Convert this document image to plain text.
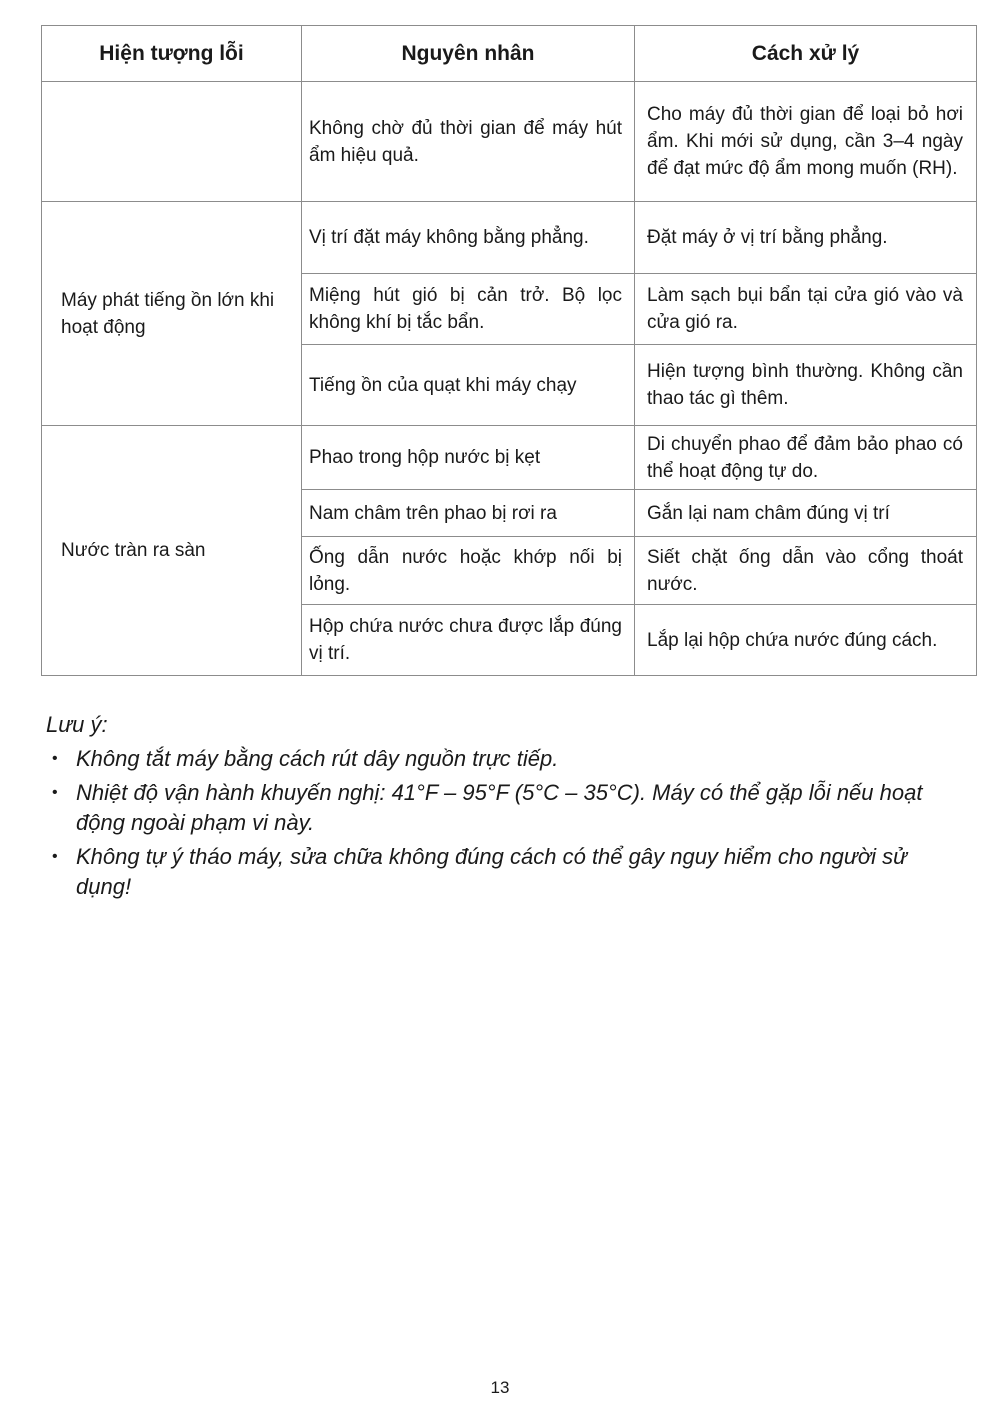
Hiện tượng lỗi	Nguyên nhân	Cách xử lý
	Không chờ đủ thời gian để máy hút ẩm hiệu quả.	Cho máy đủ thời gian để loại bỏ hơi ẩm. Khi mới sử dụng, cần 3–4 ngày để đạt mức độ ẩm mong muốn (RH).
Máy phát tiếng ồn lớn khi hoạt động	Vị trí đặt máy không bằng phẳng.	Đặt máy ở vị trí bằng phẳng.
	Miệng hút gió bị cản trở. Bộ lọc không khí bị tắc bẩn.	Làm sạch bụi bẩn tại cửa gió vào và cửa gió ra.
	Tiếng ồn của quạt khi máy chạy	Hiện tượng bình thường. Không cần thao tác gì thêm.
Nước tràn ra sàn	Phao trong hộp nước bị kẹt	Di chuyển phao để đảm bảo phao có thể hoạt động tự do.
	Nam châm trên phao bị rơi ra	Gắn lại nam châm đúng vị trí
	Ống dẫn nước hoặc khớp nối bị lỏng.	Siết chặt ống dẫn vào cổng thoát nước.
	Hộp chứa nước chưa được lắp đúng vị trí.	Lắp lại hộp chứa nước đúng cách.
Lưu ý:
• Không tắt máy bằng cách rút dây nguồn trực tiếp.
• Nhiệt độ vận hành khuyến nghị: 41°F – 95°F (5°C – 35°C). Máy có thể gặp lỗi nếu hoạt động ngoài phạm vi này.
• Không tự ý tháo máy, sửa chữa không đúng cách có thể gây nguy hiểm cho người sử dụng!
13
